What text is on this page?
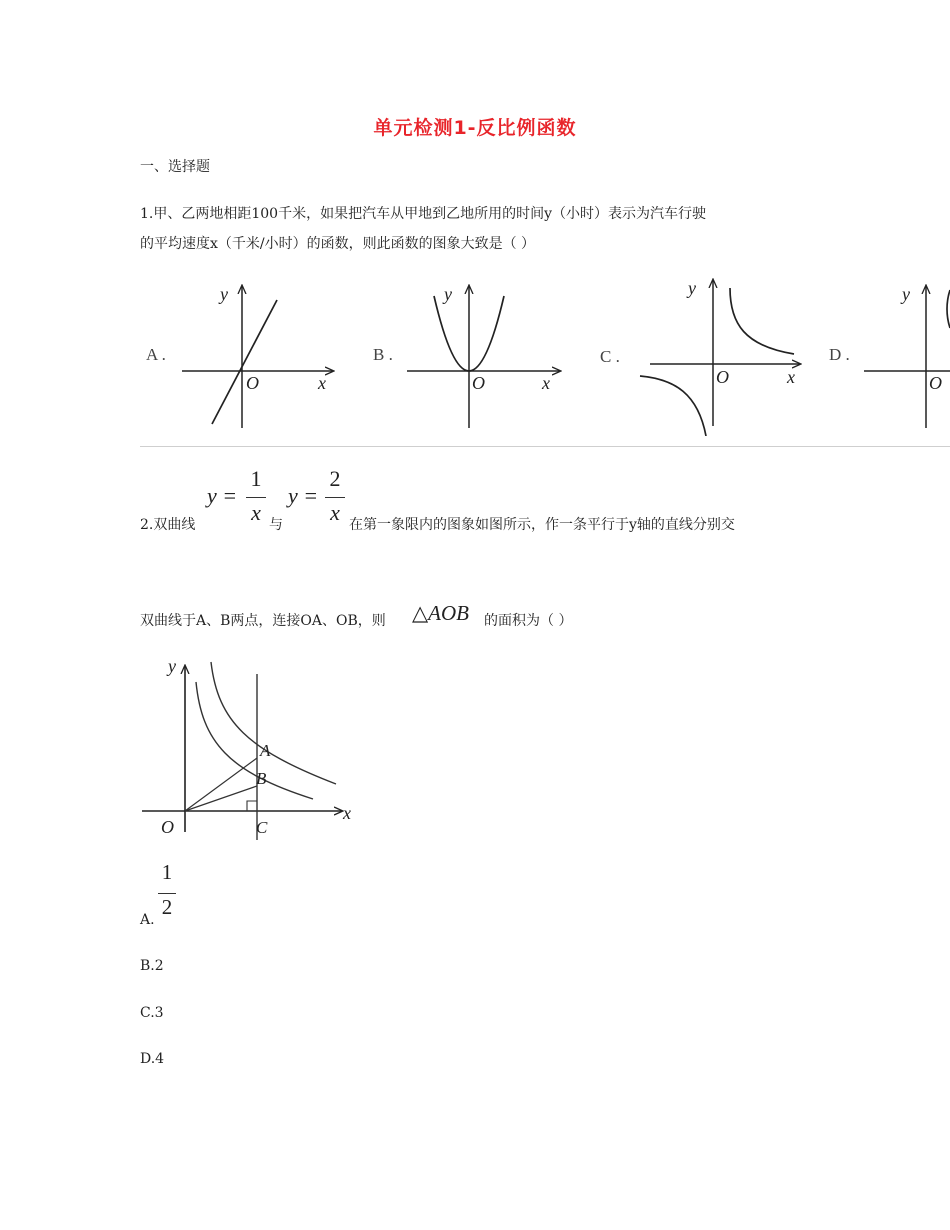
单元检测1-反比例函数
一、选择题
1.甲、乙两地相距100千米，如果把汽车从甲地到乙地所用的时间y（小时）表示为汽车行驶
的平均速度x（千米/小时）的函数，则此函数的图象大致是（ ）
A .
y
O	x
B .
y
O	x
C .
y
O	x
D .
y
O
2.双曲线
y =
1
x 与
y =
2
x 在第一象限内的图象如图所示，作一条平行于y轴的直线分别交
双曲线于A、B两点，连接OA、OB，则 △AOB 的面积为（ ）
y
x
O
A
B
C
A.
1
2
B.2
C.3
D.4
